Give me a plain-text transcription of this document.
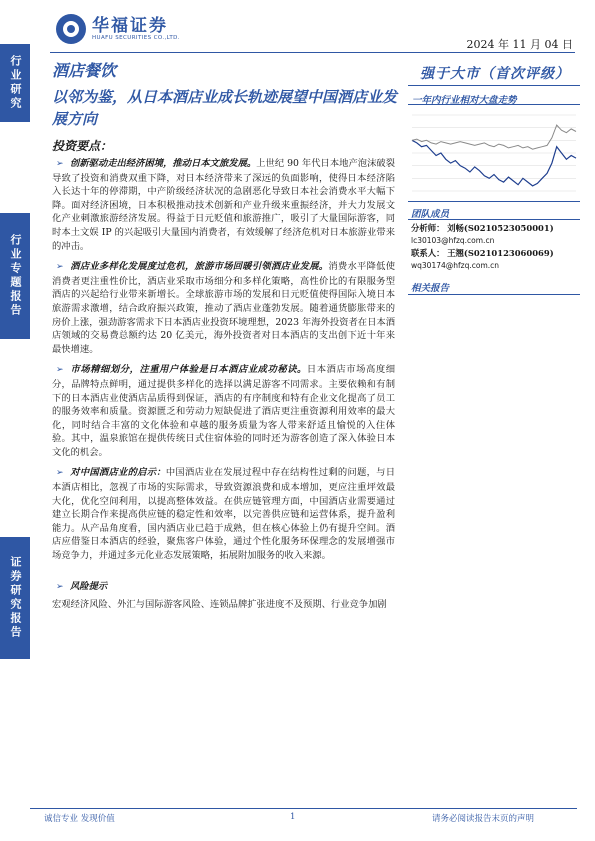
行业研究
行业专题报告
证券研究报告
华福证券
HUAFU SECURITIES CO.,LTD.	2024 年 11 月 04 日
酒店餐饮
以邻为鉴，从日本酒店业成长轨迹展望中国酒店业发展方向
投资要点：
➢ 创新驱动走出经济困境，推动日本文旅发展。上世纪 90 年代日本地产泡沫破裂导致了投资和消费双重下降，对日本经济带来了深远的负面影响，使得日本经济陷入长达十年的停滞期，中产阶级经济状况的急剧恶化导致日本社会消费水平大幅下降。面对经济困境，日本积极推动技术创新和产业升级来重振经济，并大力发展文化产业刺激旅游经济发展。得益于日元贬值和旅游推广，吸引了大量国际游客，同时本土文娱 IP 的兴起吸引大量国内消费者，有效缓解了经济危机对日本旅游业带来的冲击。
➢ 酒店业多样化发展度过危机，旅游市场回暖引领酒店业发展。消费水平降低使消费者更注重性价比，酒店业采取市场细分和多样化策略，高性价比的有限服务型酒店的兴起给行业带来新增长。全球旅游市场的发展和日元贬值使得国际入境日本旅游需求激增，结合政府振兴政策，推动了酒店业蓬勃发展。随着通货膨胀带来的房价上涨，强劲游客需求下日本酒店业投资环境理想，2023 年海外投资者在日本酒店领域的交易费总额约达 20 亿美元，海外投资者对日本酒店的支出创下近十年来最快增速。
➢ 市场精细划分，注重用户体验是日本酒店业成功秘诀。日本酒店市场高度细分，品牌特点鲜明，通过提供多样化的选择以满足游客不同需求。主要依赖和有制下的日本酒店业使酒店品质得到保证，酒店的有序制度和特有企业文化提高了员工的服务效率和质量。资源匮乏和劳动力短缺促进了酒店更注重资源利用效率的最大化，同时结合丰富的文化体验和卓越的服务质量为客人带来舒适且愉悦的入住体验。其中，温泉旅馆在提供传统日式住宿体验的同时还为游客创造了深入体验日本文化的机会。
➢ 对中国酒店业的启示：中国酒店业在发展过程中存在结构性过剩的问题，与日本酒店相比，忽视了市场的实际需求，导致资源浪费和成本增加，更应注重坪效最大化，优化空间利用，以提高整体效益。在供应链管理方面，中国酒店业需要通过建立长期合作来提高供应链的稳定性和效率，以完善供应链和运营体系，提升盈利能力。从产品角度看，国内酒店业已趋于成熟，但在核心体验上仍有提升空间。酒店应借鉴日本酒店的经验，聚焦客户体验，通过个性化服务环保理念的发展增强市场竞争力，并通过多元化业态发展策略，拓展附加服务的收入来源。
➢ 风险提示
宏观经济风险、外汇与国际游客风险、连锁品牌扩张进度不及预期、行业竞争加剧
强于大市（首次评级）
一年内行业相对大盘走势
团队成员
分析师： 刘畅(S0210523050001)
lc30103@hfzq.com.cn
联系人： 王翘(S0210123060069)
wq30174@hfzq.com.cn
相关报告
诚信专业 发现价值	1	请务必阅读报告末页的声明
